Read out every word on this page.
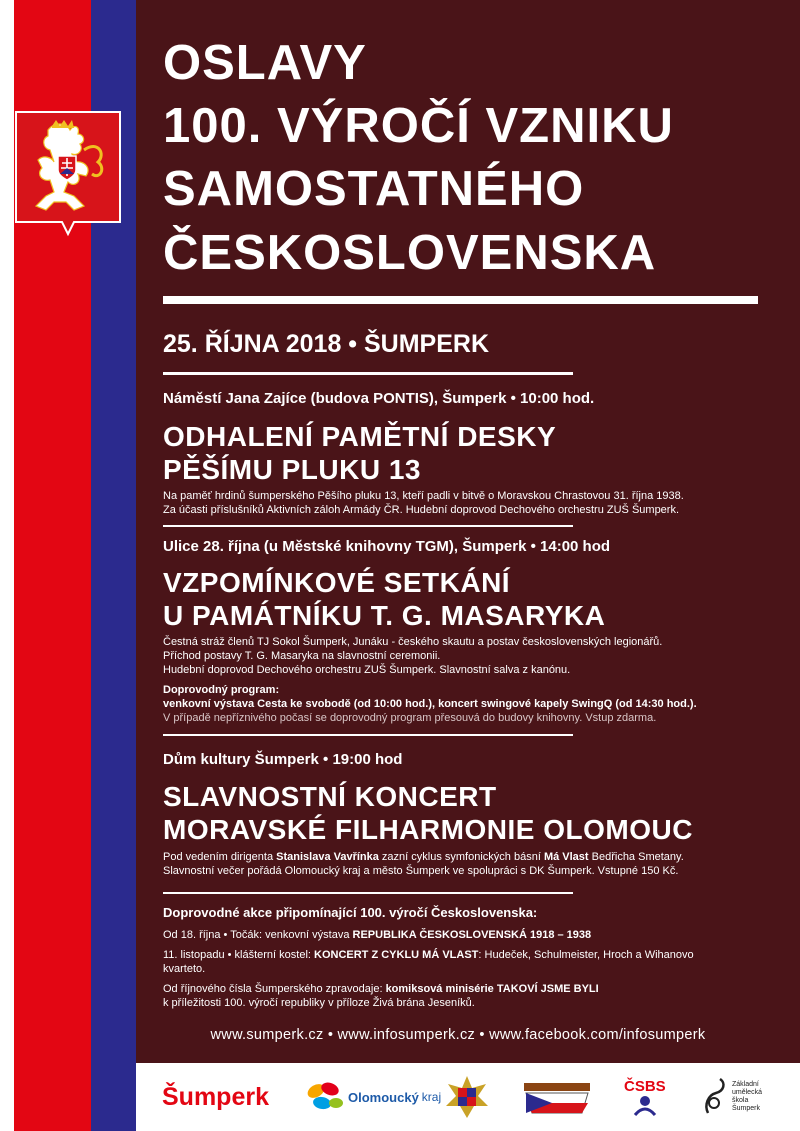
OSLAVY
100. VÝROČÍ VZNIKU
SAMOSTATNÉHO
ČESKOSLOVENSKA
25. ŘÍJNA 2018 • ŠUMPERK
Náměstí Jana Zajíce (budova PONTIS), Šumperk • 10:00 hod.
ODHALENÍ PAMĚTNÍ DESKY
PĚŠÍMU PLUKU 13
Na paměť hrdinů šumperského Pěšího pluku 13, kteří padli v bitvě o Moravskou Chrastovou 31. října 1938.
Za účasti příslušníků Aktivních záloh Armády ČR. Hudební doprovod Dechového orchestru ZUŠ Šumperk.
Ulice 28. října (u Městské knihovny TGM), Šumperk • 14:00 hod
VZPOMÍNKOVÉ SETKÁNÍ
U PAMÁTNÍKU T. G. MASARYKA
Čestná stráž členů TJ Sokol Šumperk, Junáku - českého skautu a postav československých legionářů.
Příchod postavy T. G. Masaryka na slavnostní ceremonii.
Hudební doprovod Dechového orchestru ZUŠ Šumperk. Slavnostní salva z kanónu.
Doprovodný program:
venkovní výstava Cesta ke svobodě (od 10:00 hod.), koncert swingové kapely SwingQ (od 14:30 hod.).
V případě nepříznivého počasí se doprovodný program přesouvá do budovy knihovny. Vstup zdarma.
Dům kultury Šumperk • 19:00 hod
SLAVNOSTNÍ KONCERT
MORAVSKÉ FILHARMONIE OLOMOUC
Pod vedením dirigenta Stanislava Vavřínka zazní cyklus symfonických básní Má Vlast Bedřicha Smetany.
Slavnostní večer pořádá Olomoucký kraj a město Šumperk ve spolupráci s DK Šumperk. Vstupné 150 Kč.
Doprovodné akce připomínající 100. výročí Československa:
Od 18. října • Točák: venkovní výstava REPUBLIKA ČESKOSLOVENSKÁ 1918 – 1938
11. listopadu • klášterní kostel: KONCERT Z CYKLU MÁ VLAST: Hudeček, Schulmeister, Hroch a Wihanovo
kvarteto.
Od říjnového čísla Šumperského zpravodaje: komiksová minisérie TAKOVÍ JSME BYLI
k příležitosti 100. výročí republiky v příloze Živá brána Jeseníků.
www.sumperk.cz • www.infosumperk.cz • www.facebook.com/infosumperk
Šumperk	Olomoucký kraj
ČSBS	Základní
umělecká
škola
Šumperk
